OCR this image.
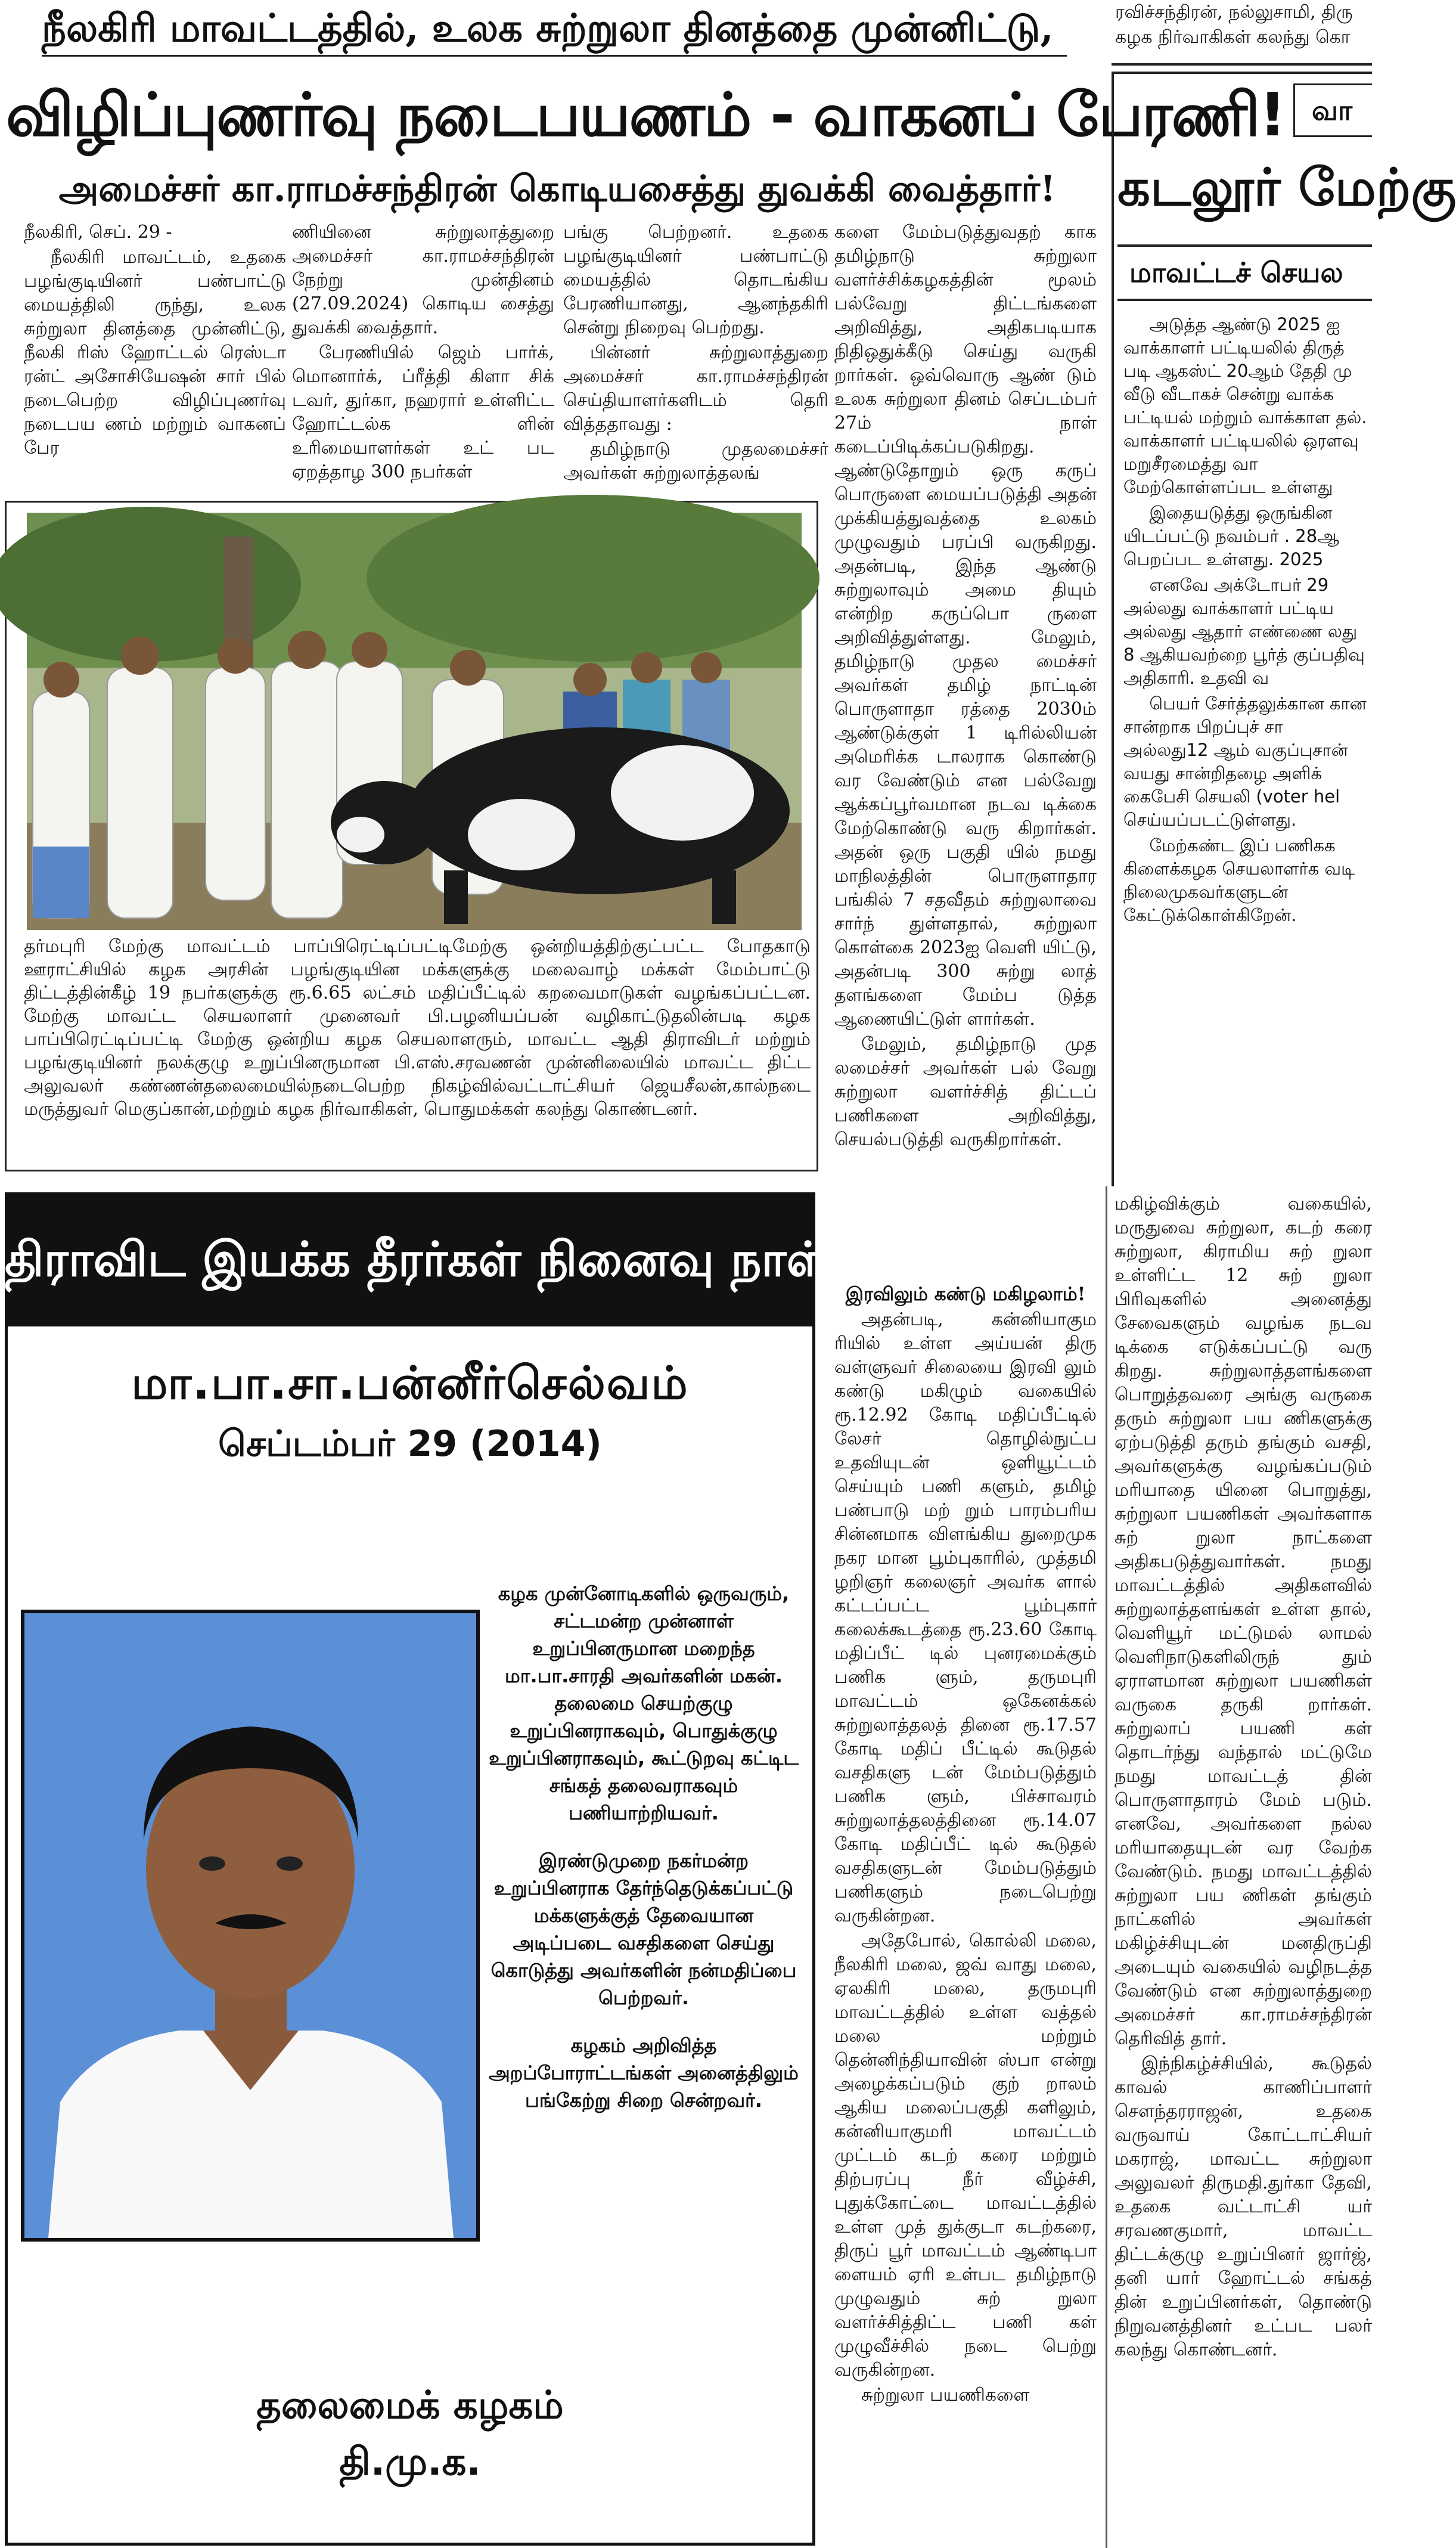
நீலகிரி மாவட்டத்தில், உலக சுற்றுலா தினத்தை முன்னிட்டு,
விழிப்புணர்வு நடைபயணம் - வாகனப் பேரணி!
அமைச்சர் கா.ராமச்சந்திரன் கொடியசைத்து துவக்கி வைத்தார்!

நீலகிரி, செப். 29 -

நீலகிரி மாவட்டம், உதகை பழங்குடியினர் பண்பாட்டு மையத்திலி ருந்து, உலக சுற்றுலா தினத்தை முன்னிட்டு, நீலகி ரிஸ் ஹோட்டல் ரெஸ்டா ரன்ட் அசோசியேஷன் சார் பில் நடைபெற்ற விழிப்புணர்வு நடைபய ணம் மற்றும் வாகனப் பேர

ணியினை சுற்றுலாத்துறை அமைச்சர் கா.ராமச்சந்திரன் நேற்று முன்தினம் (27.09.2024) கொடிய சைத்து துவக்கி வைத்தார்.

பேரணியில் ஜெம் பார்க், மொனார்க், ப்ரீத்தி கிளா சிக் டவர், துர்கா, நஹரார் உள்ளிட்ட ஹோட்டல்க ளின் உரிமையாளர்கள் உட் பட ஏறத்தாழ 300 நபர்கள்

பங்கு பெற்றனர். உதகை பழங்குடியினர் பண்பாட்டு மையத்தில் தொடங்கிய பேரணியானது, ஆனந்தகிரி சென்று நிறைவு பெற்றது.

பின்னர் சுற்றுலாத்துறை அமைச்சர் கா.ராமச்சந்திரன் செய்தியாளர்களிடம் தெரி வித்ததாவது :

தமிழ்நாடு முதலமைச்சர் அவர்கள் சுற்றுலாத்தலங்

களை மேம்படுத்துவதற் காக தமிழ்நாடு சுற்றுலா வளர்ச்சிக்கழகத்தின் மூலம் பல்வேறு திட்டங்களை அறிவித்து, அதிகபடியாக நிதிஒதுக்கீடு செய்து வருகி றார்கள். ஒவ்வொரு ஆண் டும் உலக சுற்றுலா தினம் செப்டம்பர் 27ம் நாள் கடைப்பிடிக்கப்படுகிறது. ஆண்டுதோறும் ஒரு கருப் பொருளை மையப்படுத்தி அதன் முக்கியத்துவத்தை உலகம் முழுவதும் பரப்பி வருகிறது. அதன்படி, இந்த ஆண்டு சுற்றுலாவும் அமை தியும் என்றிற கருப்பொ ருளை அறிவித்துள்ளது. மேலும், தமிழ்நாடு முதல மைச்சர் அவர்கள் தமிழ் நாட்டின் பொருளாதா ரத்தை 2030ம் ஆண்டுக்குள் 1 டிரில்லியன் அமெரிக்க டாலராக கொண்டு வர வேண்டும் என பல்வேறு ஆக்கப்பூர்வமான நடவ டிக்கை மேற்கொண்டு வரு கிறார்கள். அதன் ஒரு பகுதி யில் நமது மாநிலத்தின் பொருளாதார பங்கில் 7 சதவீதம் சுற்றுலாவை சார்ந் துள்ளதால், சுற்றுலா கொள்கை 2023ஐ வெளி யிட்டு, அதன்படி 300 சுற்று லாத் தளங்களை மேம்ப டுத்த ஆணையிட்டுள் ளார்கள்.

மேலும், தமிழ்நாடு முத லமைச்சர் அவர்கள் பல் வேறு சுற்றுலா வளர்ச்சித் திட்டப் பணிகளை அறிவித்து, செயல்படுத்தி வருகிறார்கள்.

இரவிலும் கண்டு மகிழலாம்!

அதன்படி, கன்னியாகும ரியில் உள்ள அய்யன் திரு வள்ளுவர் சிலையை இரவி லும் கண்டு மகிழும் வகையில் ரூ.12.92 கோடி மதிப்பீட்டில் லேசர் தொழில்நுட்ப உதவியுடன் ஒளியூட்டம் செய்யும் பணி களும், தமிழ் பண்பாடு மற் றும் பாரம்பரிய சின்னமாக விளங்கிய துறைமுக நகர மான பூம்புகாரில், முத்தமி ழறிஞர் கலைஞர் அவர்க ளால் கட்டப்பட்ட பூம்புகார் கலைக்கூடத்தை ரூ.23.60 கோடி மதிப்பீட் டில் புனரமைக்கும் பணிக ளும், தருமபுரி மாவட்டம் ஒகேனக்கல் சுற்றுலாத்தலத் தினை ரூ.17.57 கோடி மதிப் பீட்டில் கூடுதல் வசதிகளு டன் மேம்படுத்தும் பணிக ளும், பிச்சாவரம் சுற்றுலாத்தலத்தினை ரூ.14.07 கோடி மதிப்பீட் டில் கூடுதல் வசதிகளுடன் மேம்படுத்தும் பணிகளும் நடைபெற்று வருகின்றன.

அதேபோல், கொல்லி மலை, நீலகிரி மலை, ஜவ் வாது மலை, ஏலகிரி மலை, தருமபுரி மாவட்டத்தில் உள்ள வத்தல் மலை மற்றும் தென்னிந்தியாவின் ஸ்பா என்று அழைக்கப்படும் குற் றாலம் ஆகிய மலைப்பகுதி களிலும், கன்னியாகுமரி மாவட்டம் முட்டம் கடற் கரை மற்றும் திற்பரப்பு நீர் வீழ்ச்சி, புதுக்கோட்டை மாவட்டத்தில் உள்ள முத் துக்குடா கடற்கரை, திருப் பூர் மாவட்டம் ஆண்டிபா ளையம் ஏரி உள்பட தமிழ்நாடு முழுவதும் சுற் றுலா வளர்ச்சித்திட்ட பணி கள் முழுவீச்சில் நடை பெற்று வருகின்றன.

சுற்றுலா பயணிகளை

மகிழ்விக்கும் வகையில், மருதுவை சுற்றுலா, கடற் கரை சுற்றுலா, கிராமிய சுற் றுலா உள்ளிட்ட 12 சுற் றுலா பிரிவுகளில் அனைத்து சேவைகளும் வழங்க நடவ டிக்கை எடுக்கப்பட்டு வரு கிறது. சுற்றுலாத்தளங்களை பொறுத்தவரை அங்கு வருகை தரும் சுற்றுலா பய ணிகளுக்கு ஏற்படுத்தி தரும் தங்கும் வசதி, அவர்களுக்கு வழங்கப்படும் மரியாதை யினை பொறுத்து, சுற்றுலா பயணிகள் அவர்களாக சுற் றுலா நாட்களை அதிகபடுத்துவார்கள். நமது மாவட்டத்தில் அதிகளவில் சுற்றுலாத்தளங்கள் உள்ள தால், வெளியூர் மட்டுமல் லாமல் வெளிநாடுகளிலிருந் தும் ஏராளமான சுற்றுலா பயணிகள் வருகை தருகி றார்கள். சுற்றுலாப் பயணி கள் தொடர்ந்து வந்தால் மட்டுமே நமது மாவட்டத் தின் பொருளாதாரம் மேம் படும். எனவே, அவர்களை நல்ல மரியாதையுடன் வர வேற்க வேண்டும். நமது மாவட்டத்தில் சுற்றுலா பய ணிகள் தங்கும் நாட்களில் அவர்கள் மகிழ்ச்சியுடன் மனதிருப்தி அடையும் வகையில் வழிநடத்த வேண்டும் என சுற்றுலாத்துறை அமைச்சர் கா.ராமச்சந்திரன் தெரிவித் தார்.

இந்நிகழ்ச்சியில், கூடுதல் காவல் காணிப்பாளர் சௌந்தரராஜன், உதகை வருவாய் கோட்டாட்சியர் மகராஜ், மாவட்ட சுற்றுலா அலுவலர் திருமதி.துர்கா தேவி, உதகை வட்டாட்சி யர் சரவணகுமார், மாவட்ட திட்டக்குழு உறுப்பினர் ஜார்ஜ், தனி யார் ஹோட்டல் சங்கத் தின் உறுப்பினர்கள், தொண்டு நிறுவனத்தினர் உட்பட பலர் கலந்து கொண்டனர்.

தர்மபுரி மேற்கு மாவட்டம் பாப்பிரெட்டிப்பட்டிமேற்கு ஒன்றியத்திற்குட்பட்ட போதகாடு ஊராட்சியில் கழக அரசின் பழங்குடியின மக்களுக்கு மலைவாழ் மக்கள் மேம்பாட்டு திட்டத்தின்கீழ் 19 நபர்களுக்கு ரூ.6.65 லட்சம் மதிப்பீட்டில் கறவைமாடுகள் வழங்கப்பட்டன. மேற்கு மாவட்ட செயலாளர் முனைவர் பி.பழனியப்பன் வழிகாட்டுதலின்படி கழக பாப்பிரெட்டிப்பட்டி மேற்கு ஒன்றிய கழக செயலாளரும், மாவட்ட ஆதி திராவிடர் மற்றும் பழங்குடியினர் நலக்குழு உறுப்பினருமான பி.எஸ்.சரவணன் முன்னிலையில் மாவட்ட திட்ட அலுவலர் கண்ணன்தலைமையில்நடைபெற்ற நிகழ்வில்வட்டாட்சியர் ஜெயசீலன்,கால்நடை மருத்துவர் மெகுப்கான்,மற்றும் கழக நிர்வாகிகள், பொதுமக்கள் கலந்து கொண்டனர்.
ரவிச்சந்திரன், நல்லுசாமி, திரு கழக நிர்வாகிகள் கலந்து கொ
வா
கடலூர் மேற்கு
மாவட்டச் செயல

அடுத்த ஆண்டு 2025 ஐ வாக்காளர் பட்டியலில் திருத் படி ஆகஸ்ட் 20ஆம் தேதி மு வீடு வீடாகச் சென்று வாக்க பட்டியல் மற்றும் வாக்காள தல். வாக்காளர் பட்டியலில் ஒரளவு மறுசீரமைத்து வா மேற்கொள்ளப்பட உள்ளது

இதையடுத்து ஒருங்கின யிடப்பட்டு நவம்பர் . 28ஆ பெறப்பட உள்ளது. 2025

எனவே அக்டோபர் 29 அல்லது வாக்காளர் பட்டிய அல்லது ஆதார் எண்ணை லது 8 ஆகியவற்றை பூர்த் குப்பதிவு அதிகாரி. உதவி வ

பெயர் சேர்த்தலுக்கான கான சான்றாக பிறப்புச் சா அல்லது12 ஆம் வகுப்புசான் வயது சான்றிதழை அளிக் கைபேசி செயலி (voter hel செய்யப்படட்டுள்ளது.

மேற்கண்ட இப் பணிகக கிளைக்கழக செயலாளர்க வடி நிலைமுகவர்களுடன் கேட்டுக்கொள்கிறேன்.

திராவிட இயக்க தீரர்கள் நினைவு நாள்
மா.பா.சா.பன்னீர்செல்வம்
செப்டம்பர் 29 (2014)

கழக முன்னோடிகளில் ஒருவரும், சட்டமன்ற முன்னாள் உறுப்பினருமான மறைந்த மா.பா.சாரதி அவர்களின் மகன். தலைமை செயற்குழு உறுப்பினராகவும், பொதுக்குழு உறுப்பினராகவும், கூட்டுறவு கட்டிட சங்கத் தலைவராகவும் பணியாற்றியவர்.

இரண்டுமுறை நகர்மன்ற உறுப்பினராக தேர்ந்தெடுக்கப்பட்டு மக்களுக்குத் தேவையான அடிப்படை வசதிகளை செய்து கொடுத்து அவர்களின் நன்மதிப்பை பெற்றவர்.

கழகம் அறிவித்த அறப்போராட்டங்கள் அனைத்திலும் பங்கேற்று சிறை சென்றவர்.

தலைமைக் கழகம்
தி.மு.க.
